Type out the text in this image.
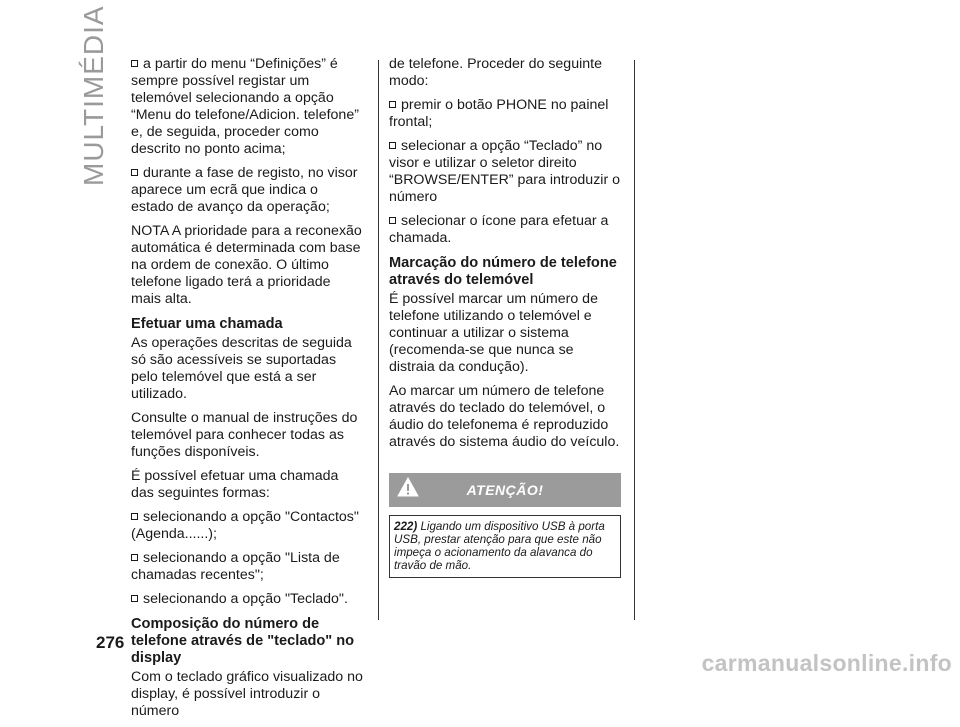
MULTIMÉDIA	a partir do menu “Definições” é sempre possível registar um telemóvel selecionando a opção “Menu do telefone/Adicion. telefone” e, de seguida, proceder como descrito no ponto acima;

durante a fase de registo, no visor aparece um ecrã que indica o estado de avanço da operação;

NOTA A prioridade para a reconexão automática é determinada com base na ordem de conexão. O último telefone ligado terá a prioridade mais alta.

Efetuar uma chamada

As operações descritas de seguida só são acessíveis se suportadas pelo telemóvel que está a ser utilizado.

Consulte o manual de instruções do telemóvel para conhecer todas as funções disponíveis.

É possível efetuar uma chamada das seguintes formas:

selecionando a opção "Contactos" (Agenda......);

selecionando a opção "Lista de chamadas recentes";

selecionando a opção "Teclado".

Composição do número de telefone através de "teclado" no display

Com o teclado gráfico visualizado no display, é possível introduzir o número

de telefone. Proceder do seguinte modo:

premir o botão PHONE no painel frontal;

selecionar a opção “Teclado” no visor e utilizar o seletor direito “BROWSE/ENTER” para introduzir o número

selecionar o ícone para efetuar a chamada.

Marcação do número de telefone através do telemóvel

É possível marcar um número de telefone utilizando o telemóvel e continuar a utilizar o sistema (recomenda-se que nunca se distraia da condução).

Ao marcar um número de telefone através do teclado do telemóvel, o áudio do telefonema é reproduzido através do sistema áudio do veículo.

ATENÇÃO!
222) Ligando um dispositivo USB à porta USB, prestar atenção para que este não impeça o acionamento da alavanca do travão de mão.
276
carmanualsonline.info
